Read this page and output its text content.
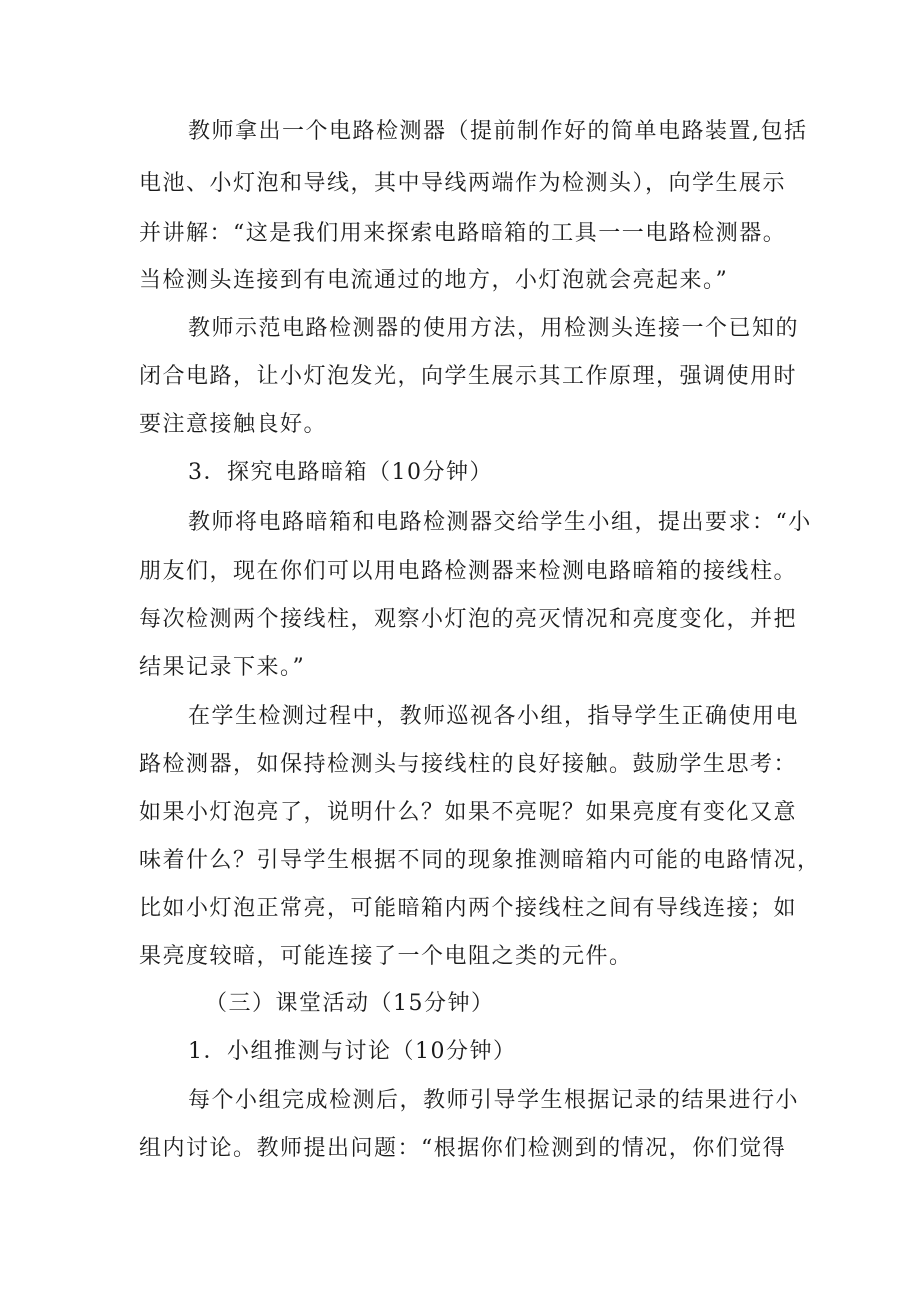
教师拿出一个电路检测器（提前制作好的简单电路装置,包括
电池、小灯泡和导线，其中导线两端作为检测头），向学生展示
并讲解：“这是我们用来探索电路暗箱的工具一一电路检测器。
当检测头连接到有电流通过的地方，小灯泡就会亮起来。”
教师示范电路检测器的使用方法，用检测头连接一个已知的
闭合电路，让小灯泡发光，向学生展示其工作原理，强调使用时
要注意接触良好。
3．探究电路暗箱（10分钟）
教师将电路暗箱和电路检测器交给学生小组，提出要求：“小
朋友们，现在你们可以用电路检测器来检测电路暗箱的接线柱。
每次检测两个接线柱，观察小灯泡的亮灭情况和亮度变化，并把
结果记录下来。”
在学生检测过程中，教师巡视各小组，指导学生正确使用电
路检测器，如保持检测头与接线柱的良好接触。鼓励学生思考：
如果小灯泡亮了，说明什么？如果不亮呢？如果亮度有变化又意
味着什么？引导学生根据不同的现象推测暗箱内可能的电路情况，
比如小灯泡正常亮，可能暗箱内两个接线柱之间有导线连接；如
果亮度较暗，可能连接了一个电阻之类的元件。
（三）课堂活动（15分钟）
1．小组推测与讨论（10分钟）
每个小组完成检测后，教师引导学生根据记录的结果进行小
组内讨论。教师提出问题：“根据你们检测到的情况，你们觉得
